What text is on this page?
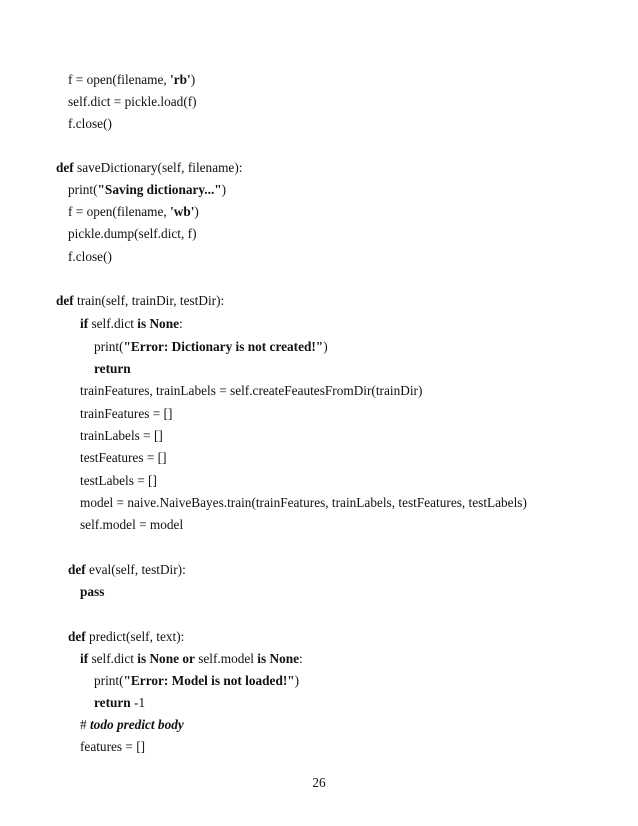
f = open(filename, 'rb' )
self.dict = pickle.load(f)
f.close()
def saveDictionary(self, filename):
print( "Saving dictionary..." )
f = open(filename, 'wb' )
pickle.dump(self.dict, f)
f.close()
def train(self, trainDir, testDir):
if self.dict is None :
print( "Error: Dictionary is not created!" )
return
trainFeatures, trainLabels = self.createFeautesFromDir(trainDir)
trainFeatures = []
trainLabels = []
testFeatures = []
testLabels = []
model = naive.NaiveBayes.train(trainFeatures, trainLabels, testFeatures, testLabels)
self.model = model
def eval(self, testDir):
pass
def predict(self, text):
if self.dict is None or self.model is None :
print( "Error: Model is not loaded!" )
return -1
# todo predict body
features = []
26
